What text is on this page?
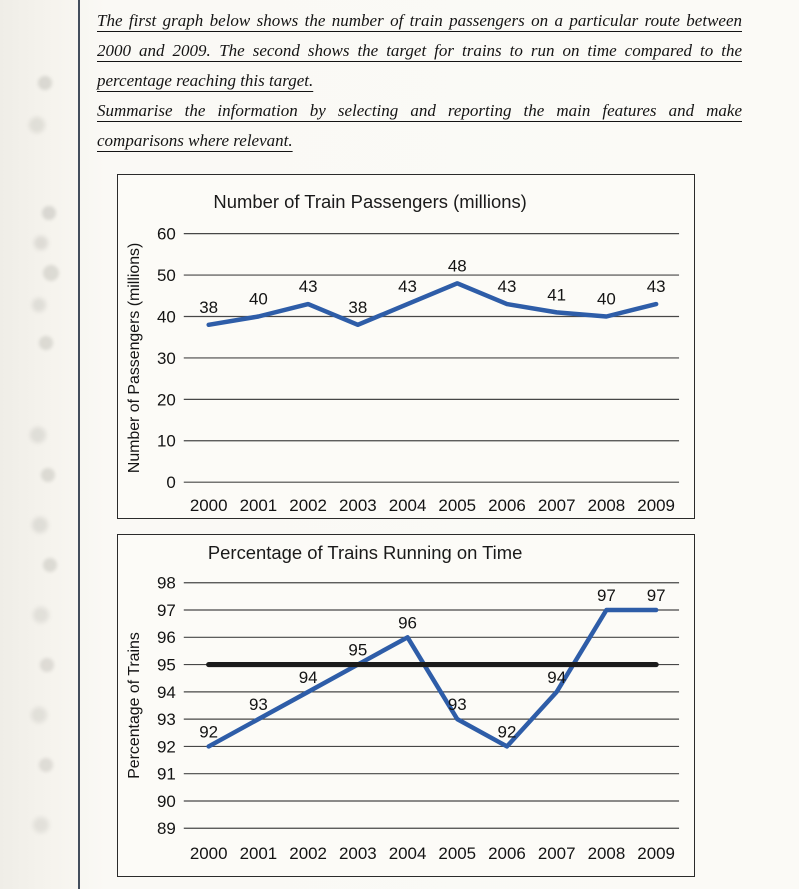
The first graph below shows the number of train passengers on a particular route between
2000 and 2009. The second shows the target for trains to run on time compared to the
percentage reaching this target.
Summarise the information by selecting and reporting the main features and make
comparisons where relevant.
0
10
20
30
40
50
60
2000 2001 2002 2003 2004 2005 2006 2007 2008 2009
Number of Train Passengers (millions)
Number of Passengers (millions)	38 40
43
38
43
48
43 41 40
43
89
90
91
92
93
94
95
96
97
98
2000 2001 2002 2003 2004 2005 2006 2007 2008 2009
Percentage of Trains Running on Time
Percentage of Trains	92
93
94
95
96
93
92
94
97 97
